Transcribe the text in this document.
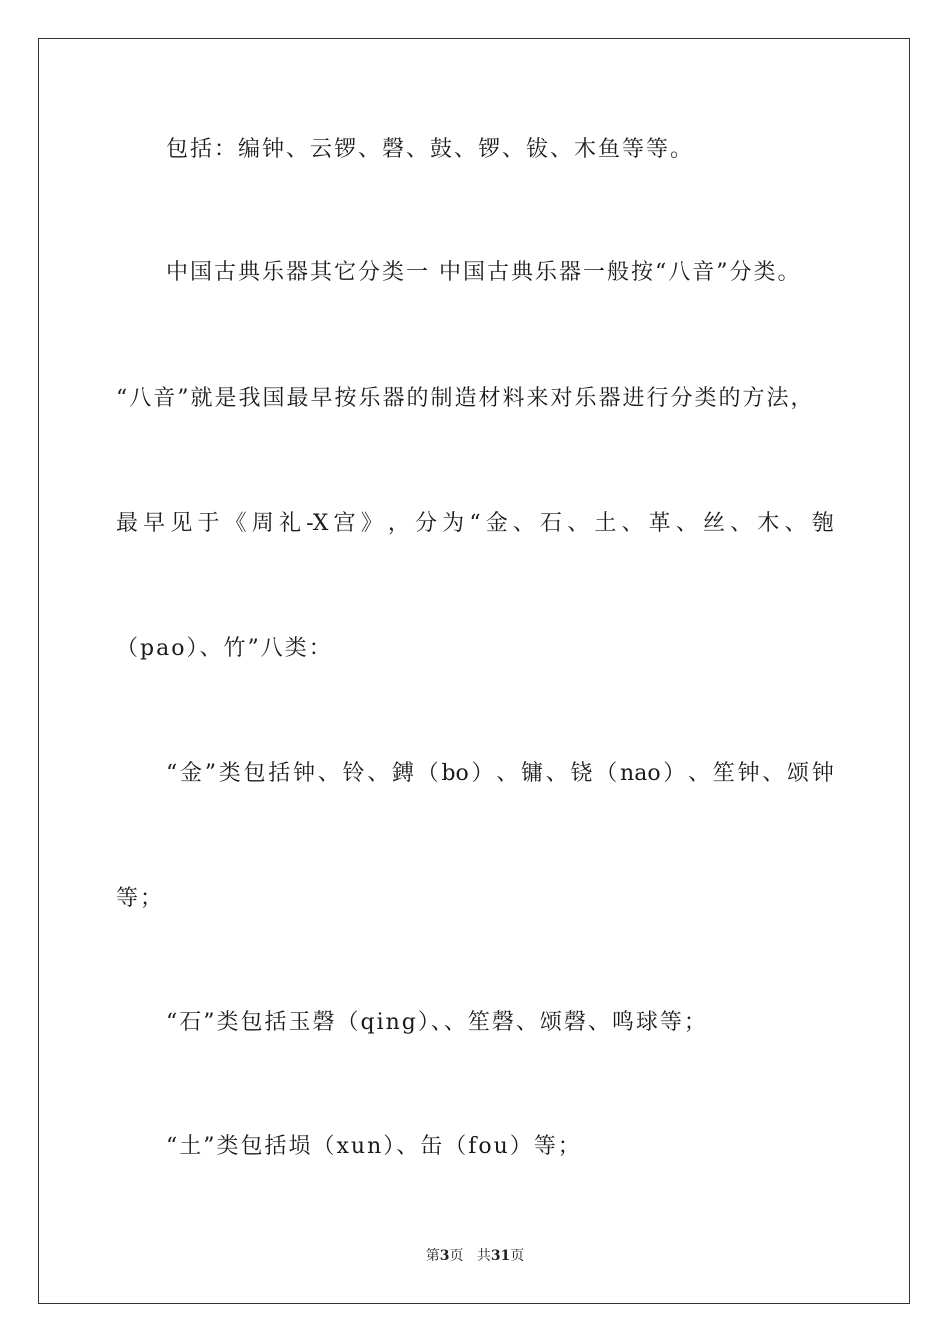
包括：编钟、云锣、磬、鼓、锣、钹、木鱼等等。
中国古典乐器其它分类一 中国古典乐器一般按“八音”分类。
“八音”就是我国最早按乐器的制造材料来对乐器进行分类的方法，
最 早 见 于 《 周 礼 -X 宫 》 ， 分 为 “ 金 、 石 、 土 、 革 、 丝 、 木 、 匏
（pao）、竹”八类：
“ 金 ” 类 包 括 钟 、 铃 、 鎛 （ bo ） 、 镛 、 铙 （ nao ） 、 笙 钟 、 颂 钟
等；
“石”类包括玉磬（qing）、、笙磬、颂磬、鸣球等；
“土”类包括埙（xun）、缶（fou）等；
第3页 共31页
